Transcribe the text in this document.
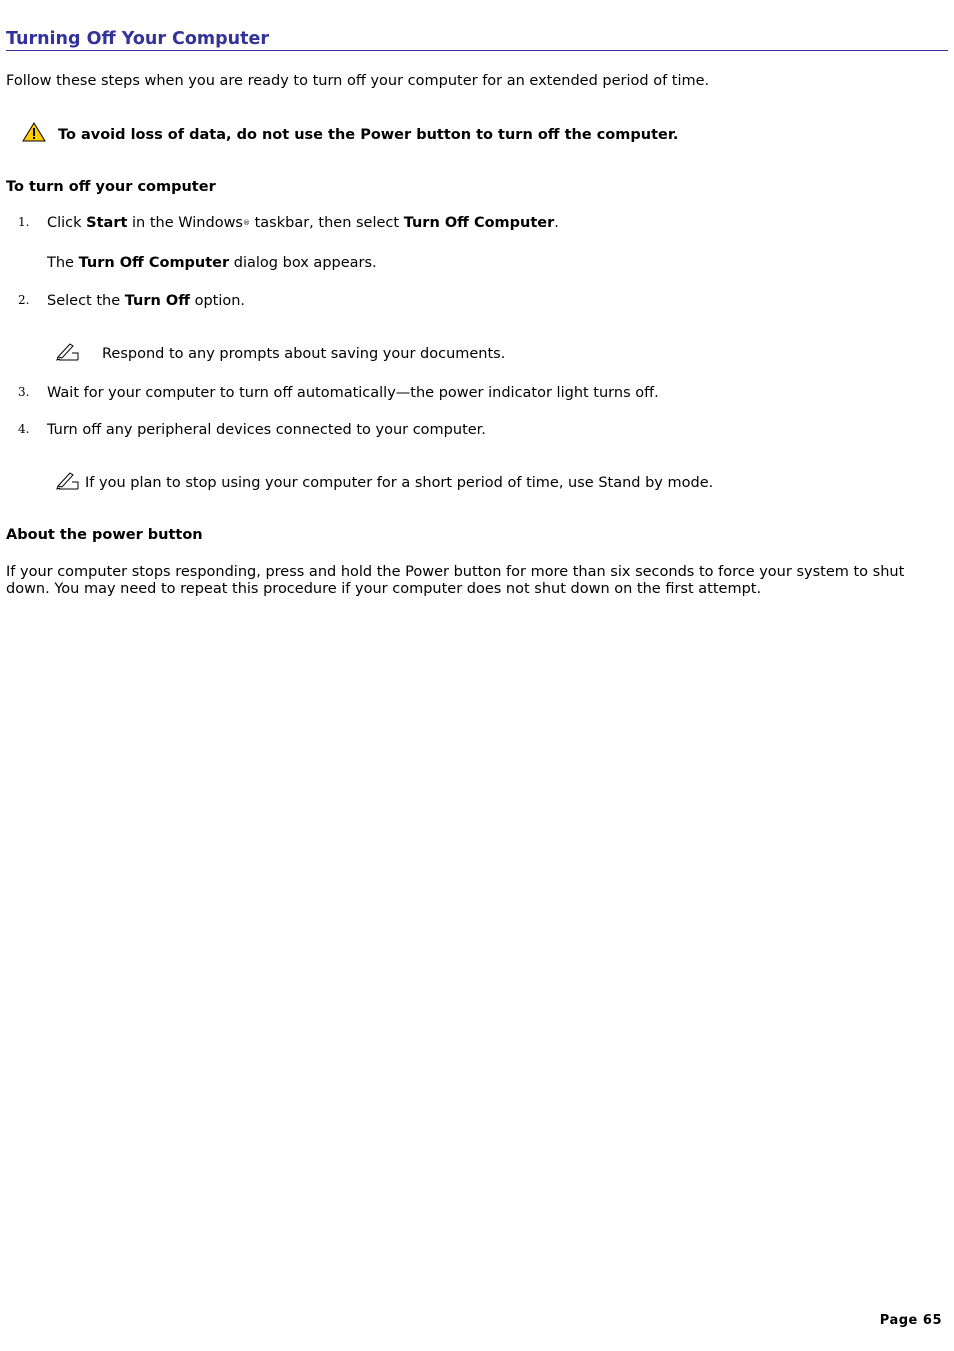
Turning Off Your Computer
Follow these steps when you are ready to turn off your computer for an extended period of time.
To avoid loss of data, do not use the Power button to turn off the computer.
To turn off your computer
1. Click Start in the Windows® taskbar, then select Turn Off Computer.
The Turn Off Computer dialog box appears.
2. Select the Turn Off option.
Respond to any prompts about saving your documents.
3. Wait for your computer to turn off automatically—the power indicator light turns off.
4. Turn off any peripheral devices connected to your computer.
If you plan to stop using your computer for a short period of time, use Stand by mode.
About the power button
If your computer stops responding, press and hold the Power button for more than six seconds to force your system to shut down. You may need to repeat this procedure if your computer does not shut down on the first attempt.
Page 65
